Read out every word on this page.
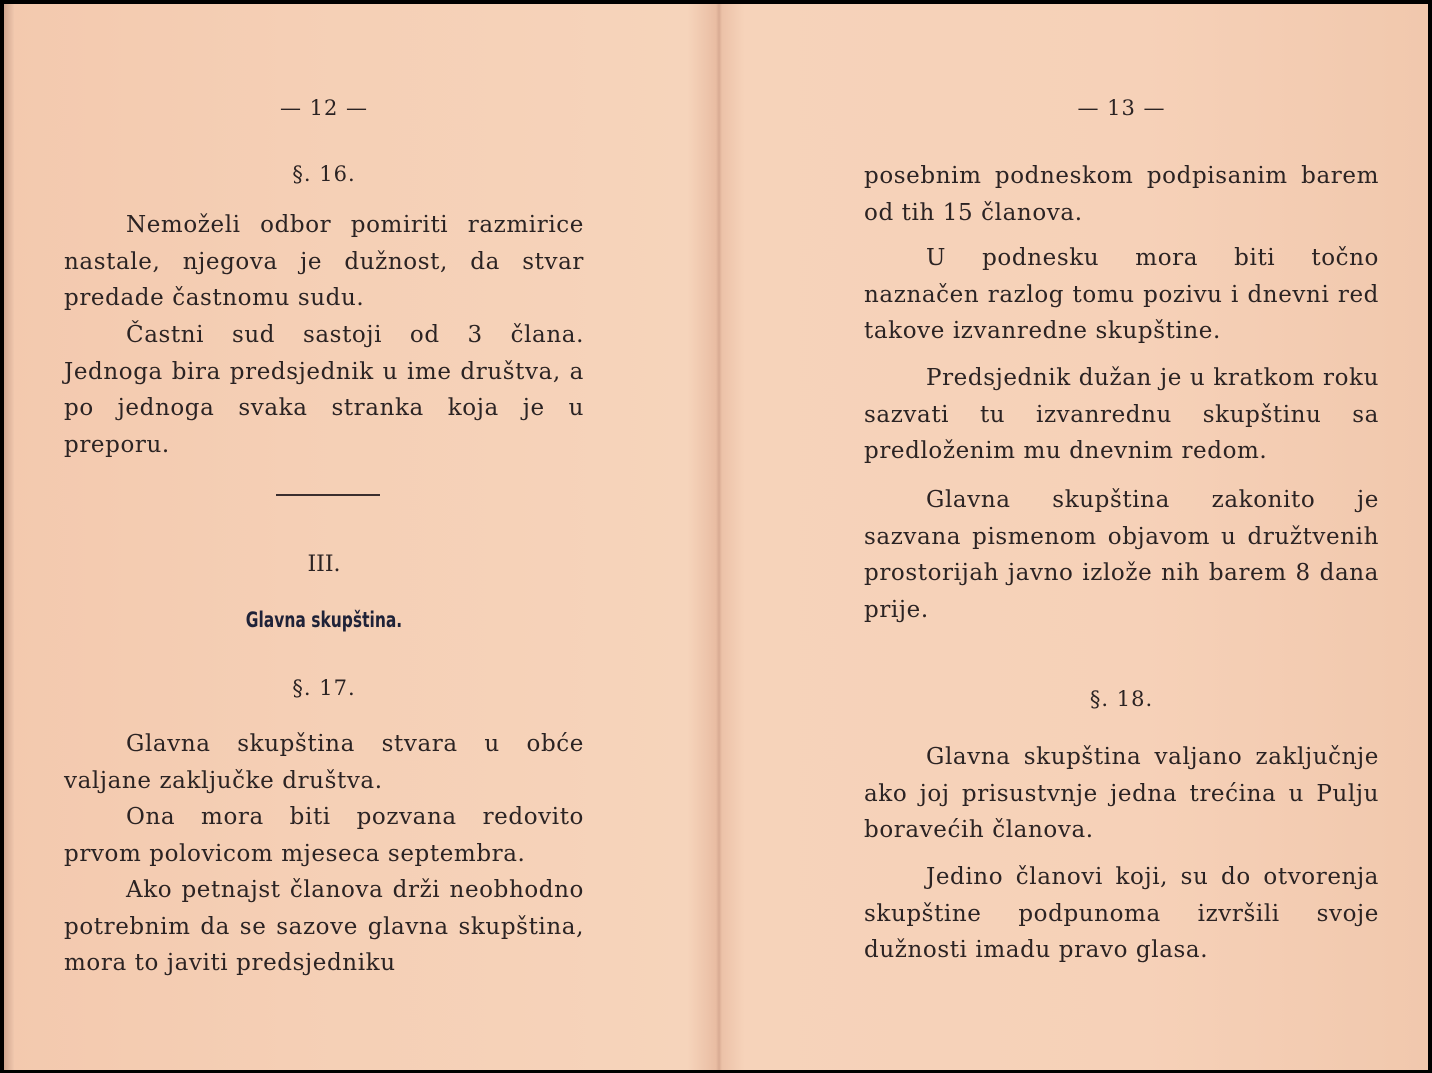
— 12 —
§. 16.

Nemoželi odbor pomiriti razmirice nastale, njegova je dužnost, da stvar predade častnomu sudu.

Častni sud sastoji od 3 člana. Jednoga bira predsjednik u ime društva, a po jednoga svaka stranka koja je u preporu.

III.
Glavna skupština.
§. 17.

Glavna skupština stvara u obće valjane zaključke društva.

Ona mora biti pozvana redovito prvom polovicom mjeseca septembra.

Ako petnajst članova drži neobhodno potrebnim da se sazove glavna skupština, mora to javiti predsjedniku

— 13 —

posebnim podneskom podpisanim barem od tih 15 članova.

U podnesku mora biti točno naznačen razlog tomu pozivu i dnevni red takove izvanredne skupštine.

Predsjednik dužan je u kratkom roku sazvati tu izvanrednu skupštinu sa predloženim mu dnevnim redom.

Glavna skupština zakonito je sazvana pismenom objavom u družtvenih prostorijah javno izlože nih barem 8 dana prije.

§. 18.

Glavna skupština valjano zaključnje ako joj prisustvnje jedna trećina u Pulju boravećih članova.

Jedino članovi koji, su do otvorenja skupštine podpunoma izvršili svoje dužnosti imadu pravo glasa.
